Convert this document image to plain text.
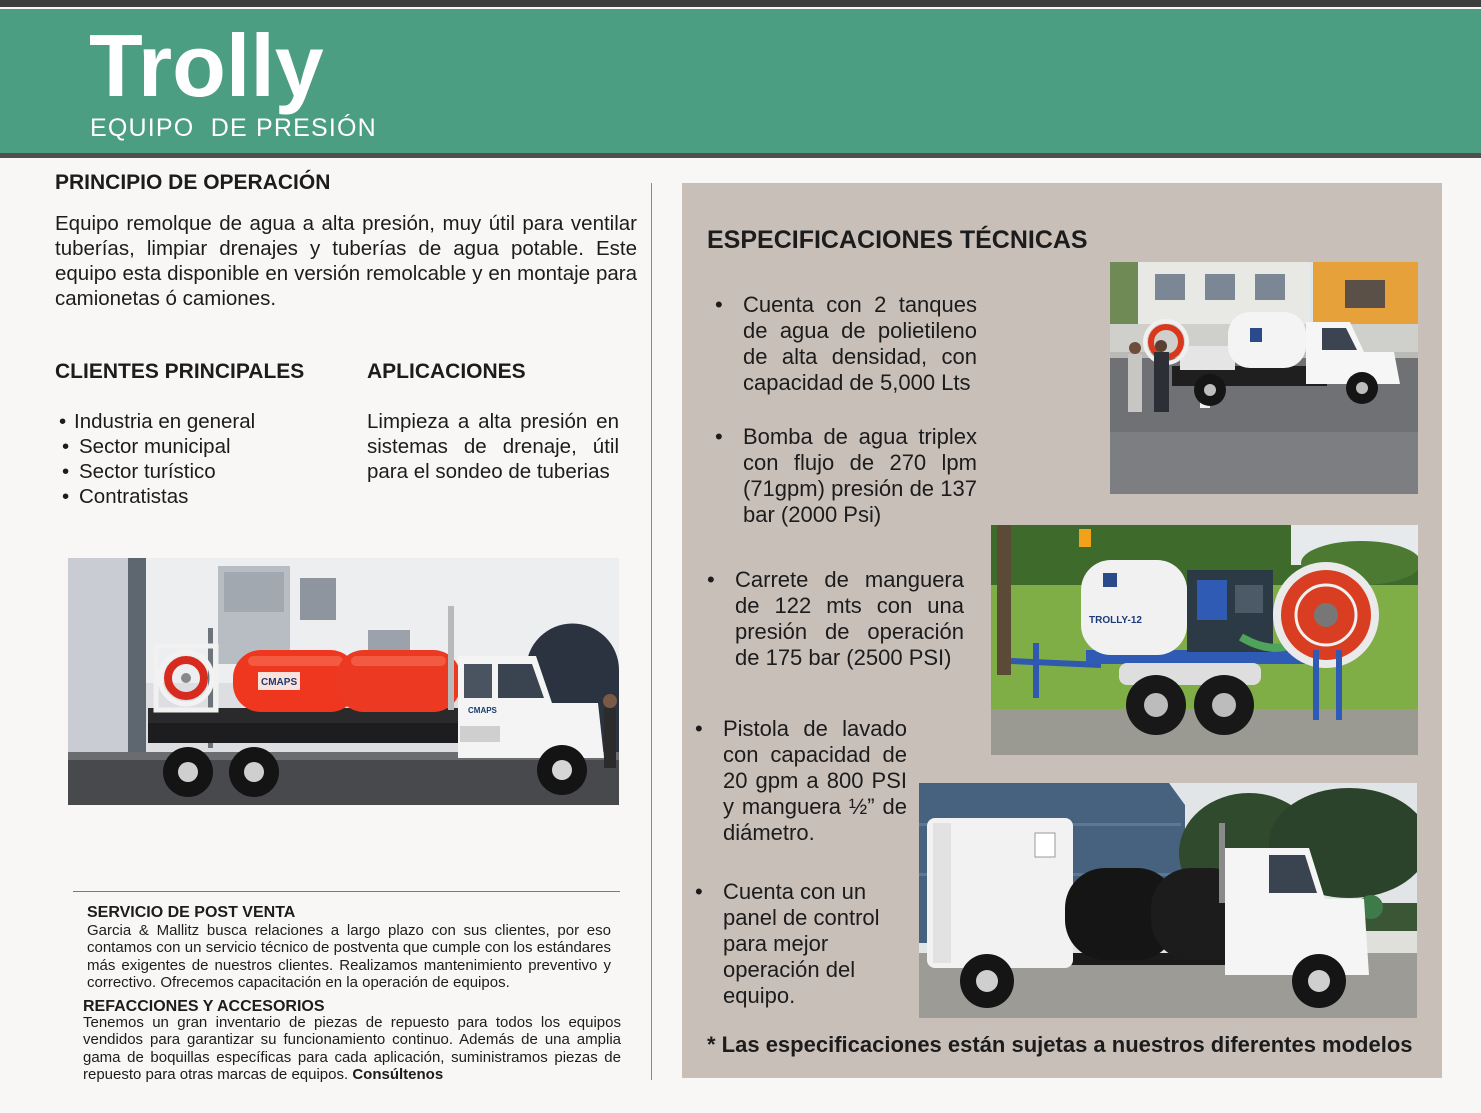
Trolly
EQUIPO  DE PRESIÓN
PRINCIPIO DE OPERACIÓN
Equipo remolque de agua a alta presión, muy útil para ventilar tuberías, limpiar drenajes y tuberías de agua potable. Este equipo esta disponible en versión remolcable y en montaje para camionetas ó camiones.
CLIENTES PRINCIPALES	APLICACIONES
• Industria en general
• Sector municipal
• Sector turístico
• Contratistas
Limpieza a alta presión en sistemas de drenaje, útil para el sondeo de tuberias
CMAPS
CMAPS
SERVICIO DE POST VENTA
Garcia & Mallitz busca relaciones a largo plazo con sus clientes, por eso contamos con un servicio técnico de postventa que cumple con los estándares más exigentes de nuestros clientes. Realizamos mantenimiento preventivo y correctivo. Ofrecemos capacitación en la operación de equipos.
REFACCIONES Y ACCESORIOS
Tenemos un gran inventario de piezas de repuesto para todos los equipos vendidos para garantizar su funcionamiento continuo. Además de una amplia gama de boquillas específicas para cada aplicación, suministramos piezas de repuesto para otras marcas de equipos. Consúltenos
ESPECIFICACIONES TÉCNICAS
• Cuenta con 2 tanques de agua de polietileno de alta densidad, con capacidad de 5,000 Lts
• Bomba de agua triplex con flujo de 270 lpm (71gpm) presión de 137 bar (2000 Psi)
• Carrete de manguera de 122 mts con una presión de operación de 175 bar (2500 PSI)
• Pistola de lavado con capacidad de 20 gpm a 800 PSI y manguera ½” de diámetro.
• Cuenta con un panel de control para mejor operación del equipo.
TROLLY-12
* Las especificaciones están sujetas a nuestros diferentes modelos
